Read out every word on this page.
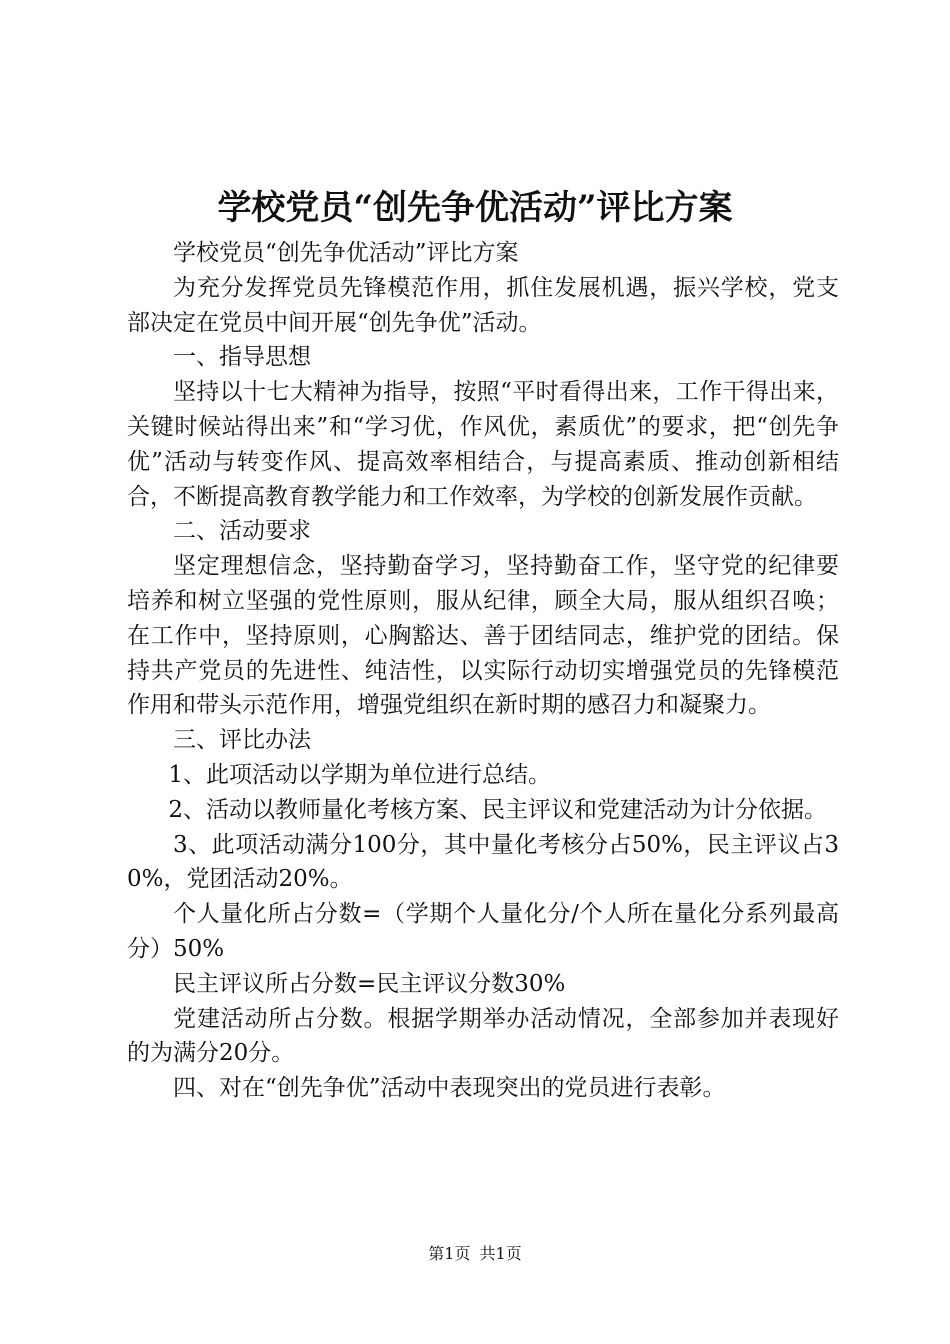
学校党员“创先争优活动”评比方案

学校党员“创先争优活动”评比方案

为充分发挥党员先锋模范作用，抓住发展机遇，振兴学校，党支部决定在党员中间开展“创先争优”活动。

一、指导思想

坚持以十七大精神为指导，按照“平时看得出来，工作干得出来，关键时候站得出来”和“学习优，作风优，素质优”的要求，把“创先争优”活动与转变作风、提高效率相结合，与提高素质、推动创新相结合，不断提高教育教学能力和工作效率，为学校的创新发展作贡献。

二、活动要求

坚定理想信念，坚持勤奋学习，坚持勤奋工作，坚守党的纪律要培养和树立坚强的党性原则，服从纪律，顾全大局，服从组织召唤；在工作中，坚持原则，心胸豁达、善于团结同志，维护党的团结。保持共产党员的先进性、纯洁性，以实际行动切实增强党员的先锋模范作用和带头示范作用，增强党组织在新时期的感召力和凝聚力。

三、评比办法

1、此项活动以学期为单位进行总结。

2、活动以教师量化考核方案、民主评议和党建活动为计分依据。

3、此项活动满分100分，其中量化考核分占50%，民主评议占30%，党团活动20%。

个人量化所占分数=（学期个人量化分/个人所在量化分系列最高分）50%

民主评议所占分数=民主评议分数30%

党建活动所占分数。根据学期举办活动情况，全部参加并表现好的为满分20分。

四、对在“创先争优”活动中表现突出的党员进行表彰。

第1页 共1页
